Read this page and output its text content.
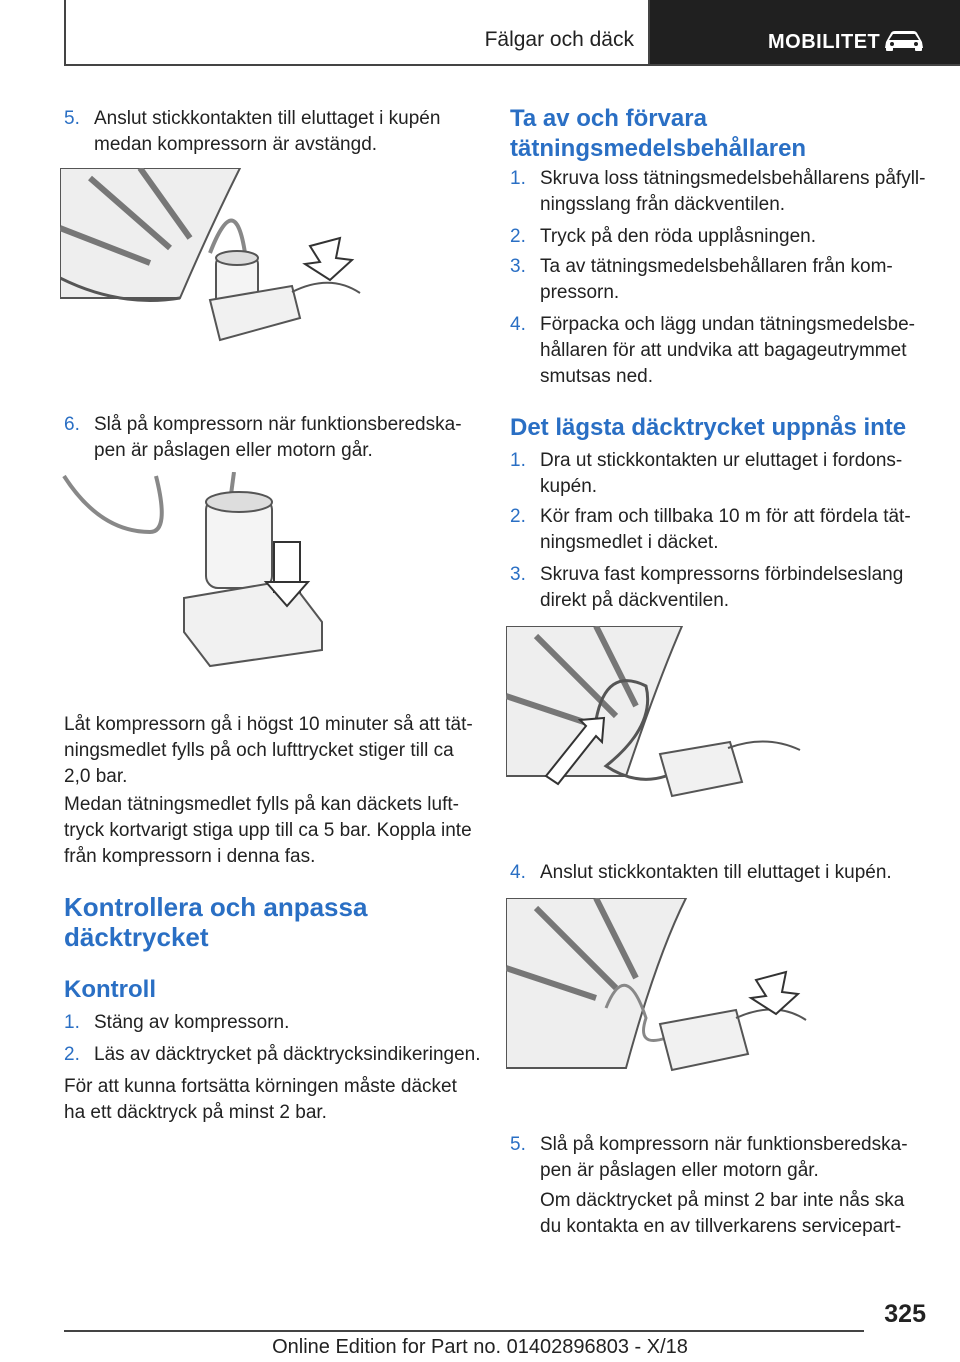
Fälgar och däck	MOBILITET
5. Anslut stickkontakten till eluttaget i kupén medan kompressorn är avstängd.
6. Slå på kompressorn när funktionsberedskapen är påslagen eller motorn går.
Låt kompressorn gå i högst 10 minuter så att tätningsmedlet fylls på och lufttrycket stiger till ca 2,0 bar.
Medan tätningsmedlet fylls på kan däckets lufttryck kortvarigt stiga upp till ca 5 bar. Koppla inte från kompressorn i denna fas.
Kontrollera och anpassa däcktrycket
Kontroll
1. Stäng av kompressorn.
2. Läs av däcktrycket på däcktrycksindikeringen.
För att kunna fortsätta körningen måste däcket ha ett däcktryck på minst 2 bar.
Ta av och förvara tätningsmedelsbehållaren
1. Skruva loss tätningsmedelsbehållarens påfyllningsslang från däckventilen.
2. Tryck på den röda upplåsningen.
3. Ta av tätningsmedelsbehållaren från kompressorn.
4. Förpacka och lägg undan tätningsmedelsbehållaren för att undvika att bagageutrymmet smutsas ned.
Det lägsta däcktrycket uppnås inte
1. Dra ut stickkontakten ur eluttaget i fordonskupén.
2. Kör fram och tillbaka 10 m för att fördela tätningsmedlet i däcket.
3. Skruva fast kompressorns förbindelseslang direkt på däckventilen.
4. Anslut stickkontakten till eluttaget i kupén.
5. Slå på kompressorn när funktionsberedskapen är påslagen eller motorn går.
Om däcktrycket på minst 2 bar inte nås ska du kontakta en av tillverkarens servicepart-
325
Online Edition for Part no. 01402896803 - X/18
